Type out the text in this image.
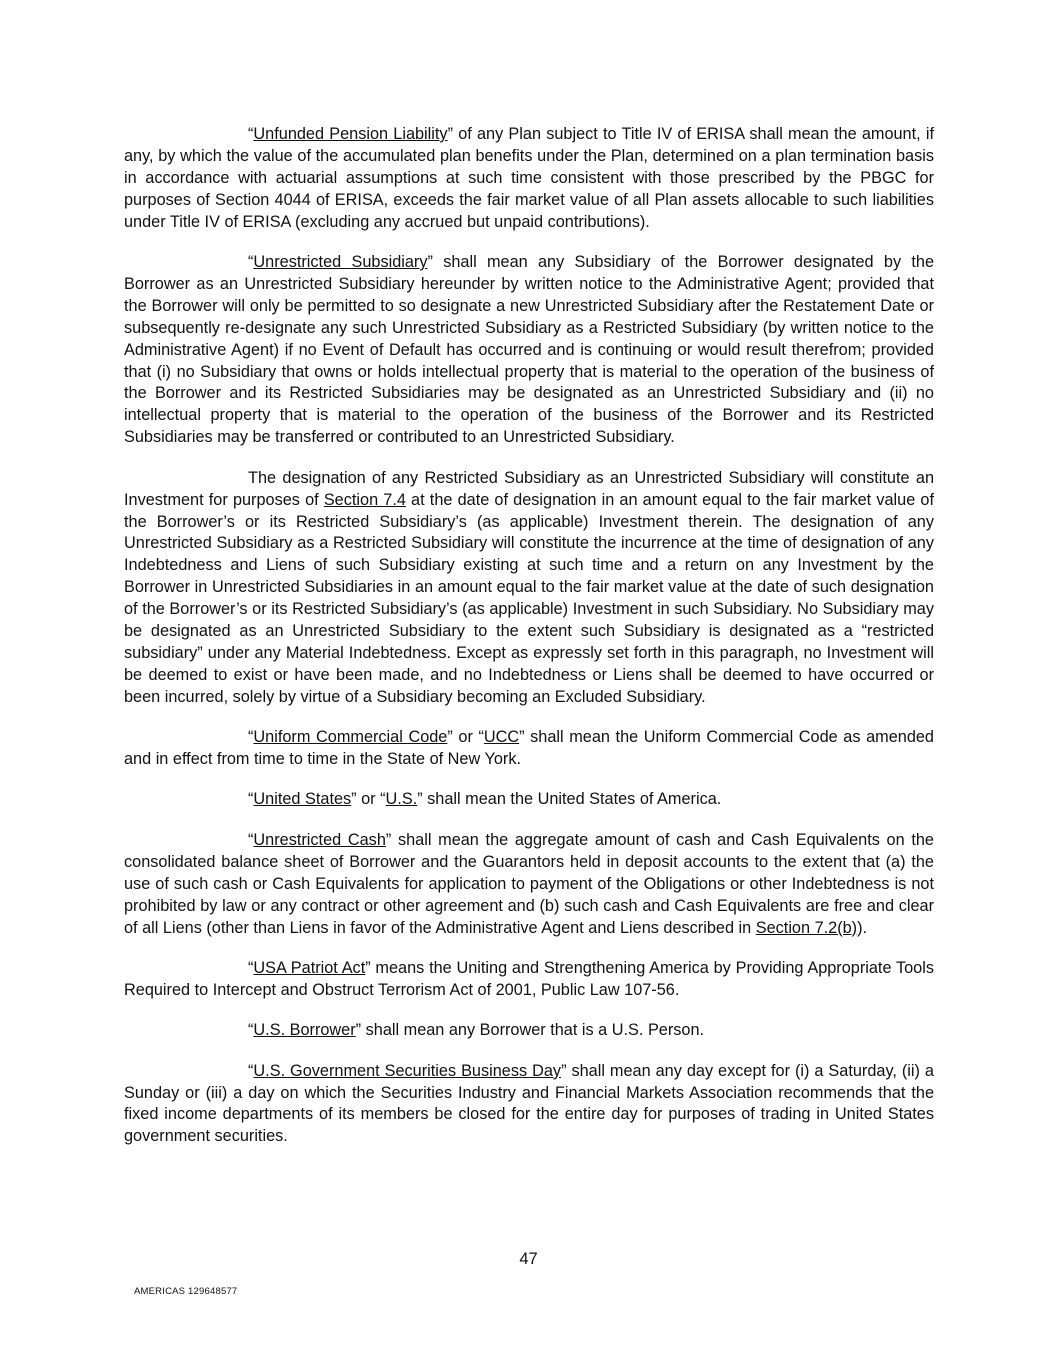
“Unfunded Pension Liability” of any Plan subject to Title IV of ERISA shall mean the amount, if any, by which the value of the accumulated plan benefits under the Plan, determined on a plan termination basis in accordance with actuarial assumptions at such time consistent with those prescribed by the PBGC for purposes of Section 4044 of ERISA, exceeds the fair market value of all Plan assets allocable to such liabilities under Title IV of ERISA (excluding any accrued but unpaid contributions).

“Unrestricted Subsidiary” shall mean any Subsidiary of the Borrower designated by the Borrower as an Unrestricted Subsidiary hereunder by written notice to the Administrative Agent; provided that the Borrower will only be permitted to so designate a new Unrestricted Subsidiary after the Restatement Date or subsequently re-designate any such Unrestricted Subsidiary as a Restricted Subsidiary (by written notice to the Administrative Agent) if no Event of Default has occurred and is continuing or would result therefrom; provided that (i) no Subsidiary that owns or holds intellectual property that is material to the operation of the business of the Borrower and its Restricted Subsidiaries may be designated as an Unrestricted Subsidiary and (ii) no intellectual property that is material to the operation of the business of the Borrower and its Restricted Subsidiaries may be transferred or contributed to an Unrestricted Subsidiary.

The designation of any Restricted Subsidiary as an Unrestricted Subsidiary will constitute an Investment for purposes of Section 7.4 at the date of designation in an amount equal to the fair market value of the Borrower’s or its Restricted Subsidiary’s (as applicable) Investment therein. The designation of any Unrestricted Subsidiary as a Restricted Subsidiary will constitute the incurrence at the time of designation of any Indebtedness and Liens of such Subsidiary existing at such time and a return on any Investment by the Borrower in Unrestricted Subsidiaries in an amount equal to the fair market value at the date of such designation of the Borrower’s or its Restricted Subsidiary’s (as applicable) Investment in such Subsidiary. No Subsidiary may be designated as an Unrestricted Subsidiary to the extent such Subsidiary is designated as a “restricted subsidiary” under any Material Indebtedness. Except as expressly set forth in this paragraph, no Investment will be deemed to exist or have been made, and no Indebtedness or Liens shall be deemed to have occurred or been incurred, solely by virtue of a Subsidiary becoming an Excluded Subsidiary.

“Uniform Commercial Code” or “UCC” shall mean the Uniform Commercial Code as amended and in effect from time to time in the State of New York.

“United States” or “U.S.” shall mean the United States of America.

“Unrestricted Cash” shall mean the aggregate amount of cash and Cash Equivalents on the consolidated balance sheet of Borrower and the Guarantors held in deposit accounts to the extent that (a) the use of such cash or Cash Equivalents for application to payment of the Obligations or other Indebtedness is not prohibited by law or any contract or other agreement and (b) such cash and Cash Equivalents are free and clear of all Liens (other than Liens in favor of the Administrative Agent and Liens described in Section 7.2(b)).

“USA Patriot Act” means the Uniting and Strengthening America by Providing Appropriate Tools Required to Intercept and Obstruct Terrorism Act of 2001, Public Law 107-56.

“U.S. Borrower” shall mean any Borrower that is a U.S. Person.

“U.S. Government Securities Business Day” shall mean any day except for (i) a Saturday, (ii) a Sunday or (iii) a day on which the Securities Industry and Financial Markets Association recommends that the fixed income departments of its members be closed for the entire day for purposes of trading in United States government securities.

47
AMERICAS 129648577
